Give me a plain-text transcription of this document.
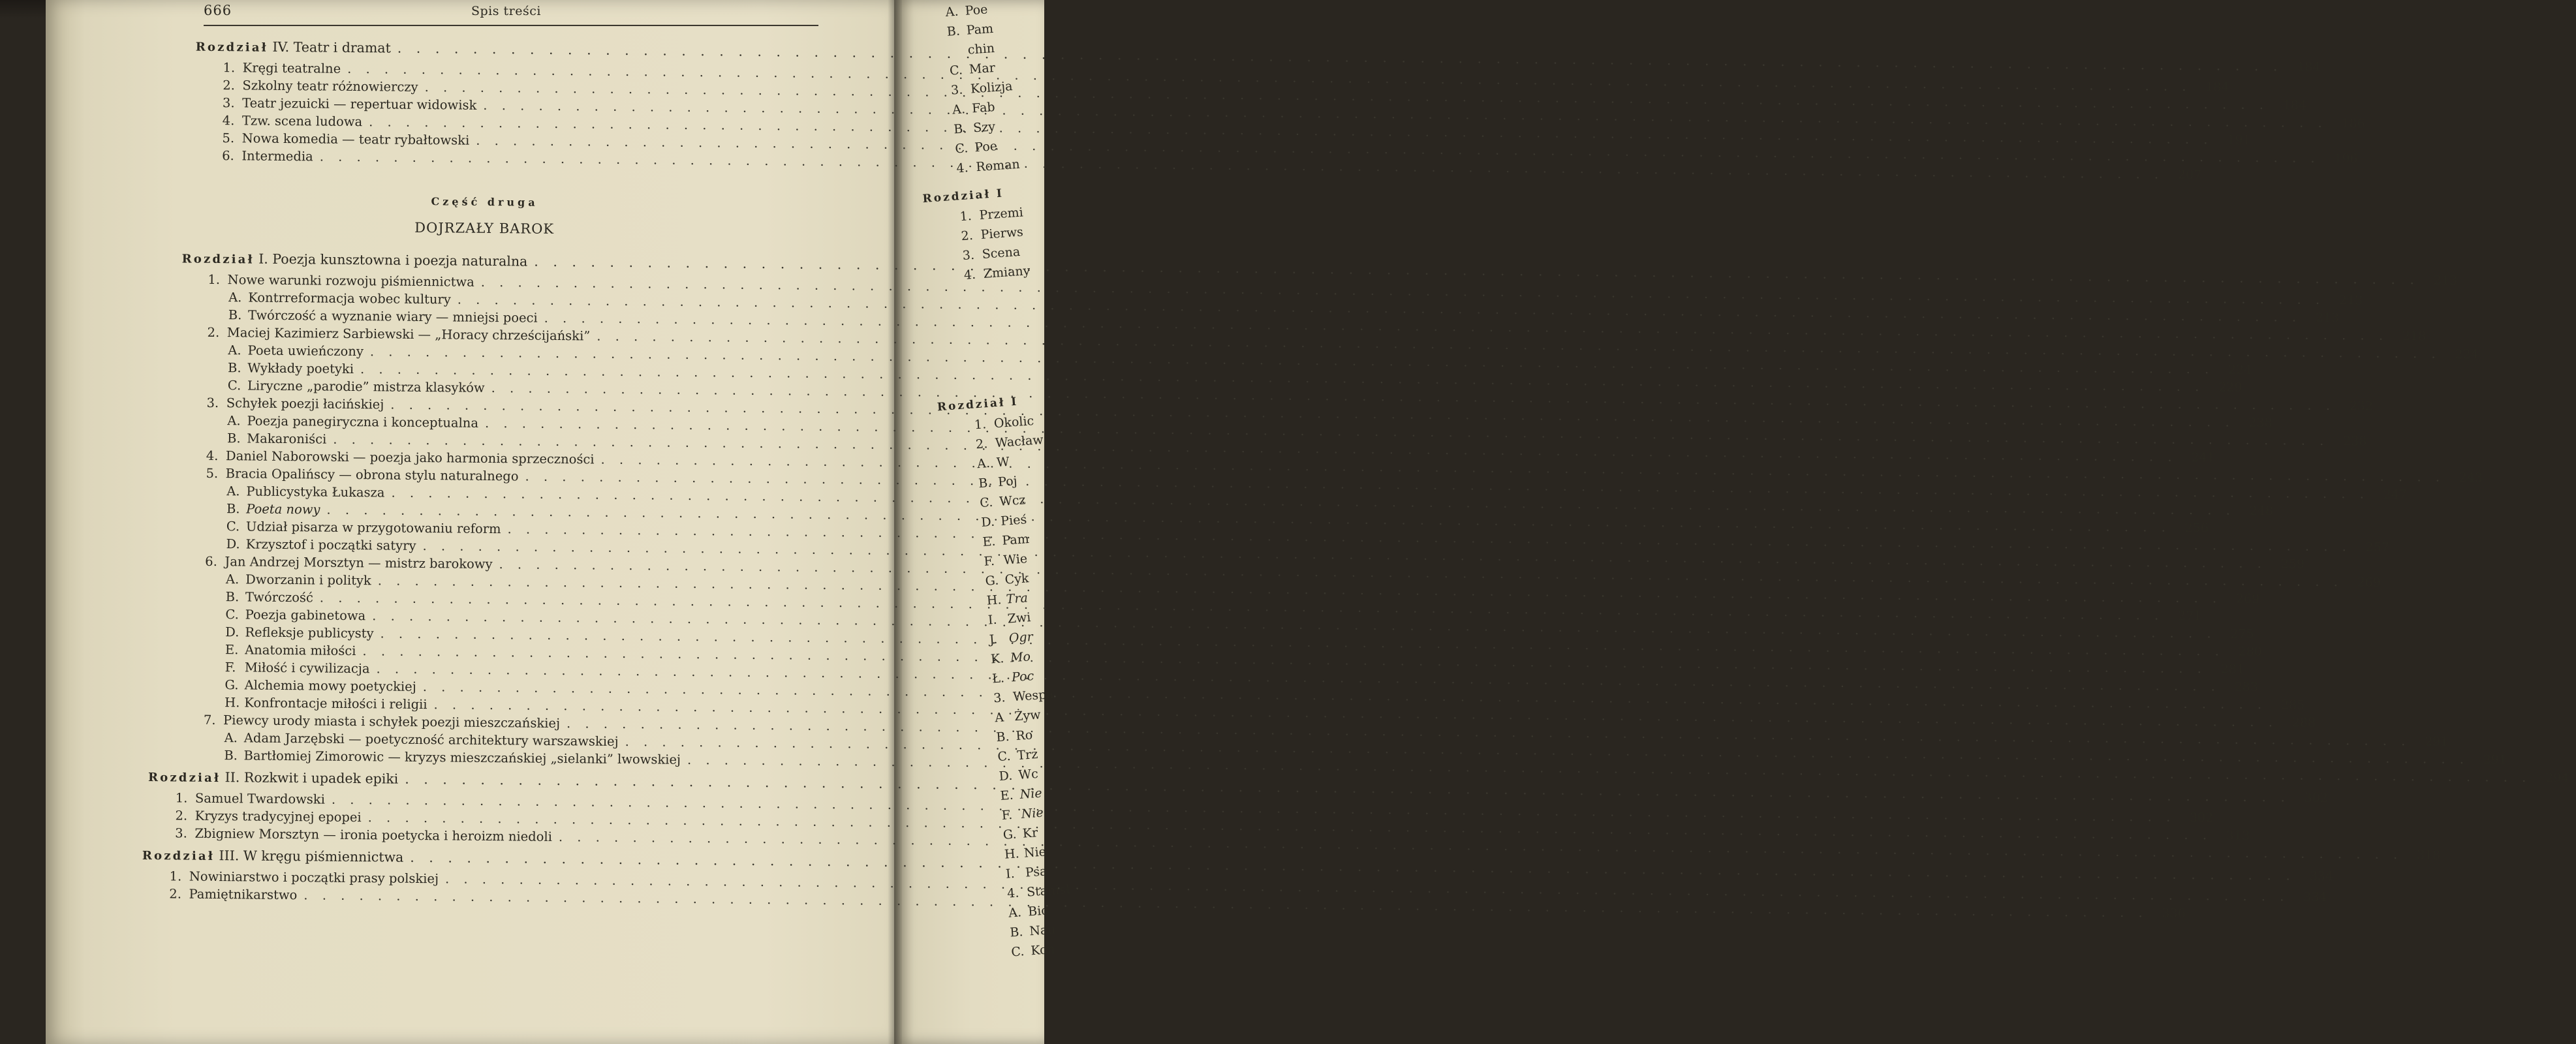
666	Spis treści
Rozdział IV. Teatr i dramat
. . .
184
1. Kręgi teatralne
. . .
184
2. Szkolny teatr różnowierczy
. . .
184
3. Teatr jezuicki — repertuar widowisk
. . .
186
4. Tzw. scena ludowa
. . .
191
5. Nowa komedia — teatr rybałtowski
. . .
196
6. Intermedia
. . .
207
Część druga
DOJRZAŁY BAROK
Rozdział I. Poezja kunsztowna i poezja naturalna
. . .
213
1. Nowe warunki rozwoju piśmiennictwa
. . .
213
A. Kontrreformacja wobec kultury
. . .
213
B. Twórczość a wyznanie wiary — mniejsi poeci
. . .
218
2. Maciej Kazimierz Sarbiewski — „Horacy chrześcijański”
. . .
224
A. Poeta uwieńczony
. . .
224
B. Wykłady poetyki
. . .
229
C. Liryczne „parodie” mistrza klasyków
. . .
232
3. Schyłek poezji łacińskiej
. . .
238
A. Poezja panegiryczna i konceptualna
. . .
238
B. Makaroniści
. . .
241
4. Daniel Naborowski — poezja jako harmonia sprzeczności
. . .
243
5. Bracia Opalińscy — obrona stylu naturalnego
. . .
247
A. Publicystyka Łukasza
. . .
248
B. Poeta nowy
. . .
256
C. Udział pisarza w przygotowaniu reform
. . .
257
D. Krzysztof i początki satyry
. . .
259
6. Jan Andrzej Morsztyn — mistrz barokowy
. . .
269
A. Dworzanin i polityk
. . .
269
B. Twórczość
. . .
271
C. Poezja gabinetowa
. . .
275
D. Refleksje publicysty
. . .
280
E. Anatomia miłości
. . .
281
F. Miłość i cywilizacja
. . .
283
G. Alchemia mowy poetyckiej
. . .
285
H. Konfrontacje miłości i religii
. . .
288
7. Piewcy urody miasta i schyłek poezji mieszczańskiej
. . .
291
A. Adam Jarzębski — poetyczność architektury warszawskiej
. . .
291
B. Bartłomiej Zimorowic — kryzys mieszczańskiej „sielanki” lwowskiej
. . .
294
Rozdział II. Rozkwit i upadek epiki
. . .
302
1. Samuel Twardowski
. . .
302
2. Kryzys tradycyjnej epopei
. . .
313
3. Zbigniew Morsztyn — ironia poetycka i heroizm niedoli
. . .
318
Rozdział III. W kręgu piśmiennictwa
. . .
334
1. Nowiniarstwo i początki prasy polskiej
. . .
334
2. Pamiętnikarstwo
. . .
336
A. Poe
B. Pam
chin
C. Mar
3. Kolizja
A. Fab
B. Szy
C. Poe
4. Roman
Rozdział I
1. Przemi
2. Pierws
3. Scena
4. Zmiany
Rozdział I
1. Okolic
2. Wacław
A. W
B. Poj
C. Wcz
D. Pieś
E. Pam
F. Wie
G. Cyk
H. Tra
I. Zwi
J. Ogr
K. Mo
Ł. Poc
3. Wespa
A Żyw
B. Ro
C. Trz
D. Wc
E. Nie
F. Nie
G. Kr
H. Nie
I. Psa
4. Stanisł
A. Bio
B. Nau
C. Kon
